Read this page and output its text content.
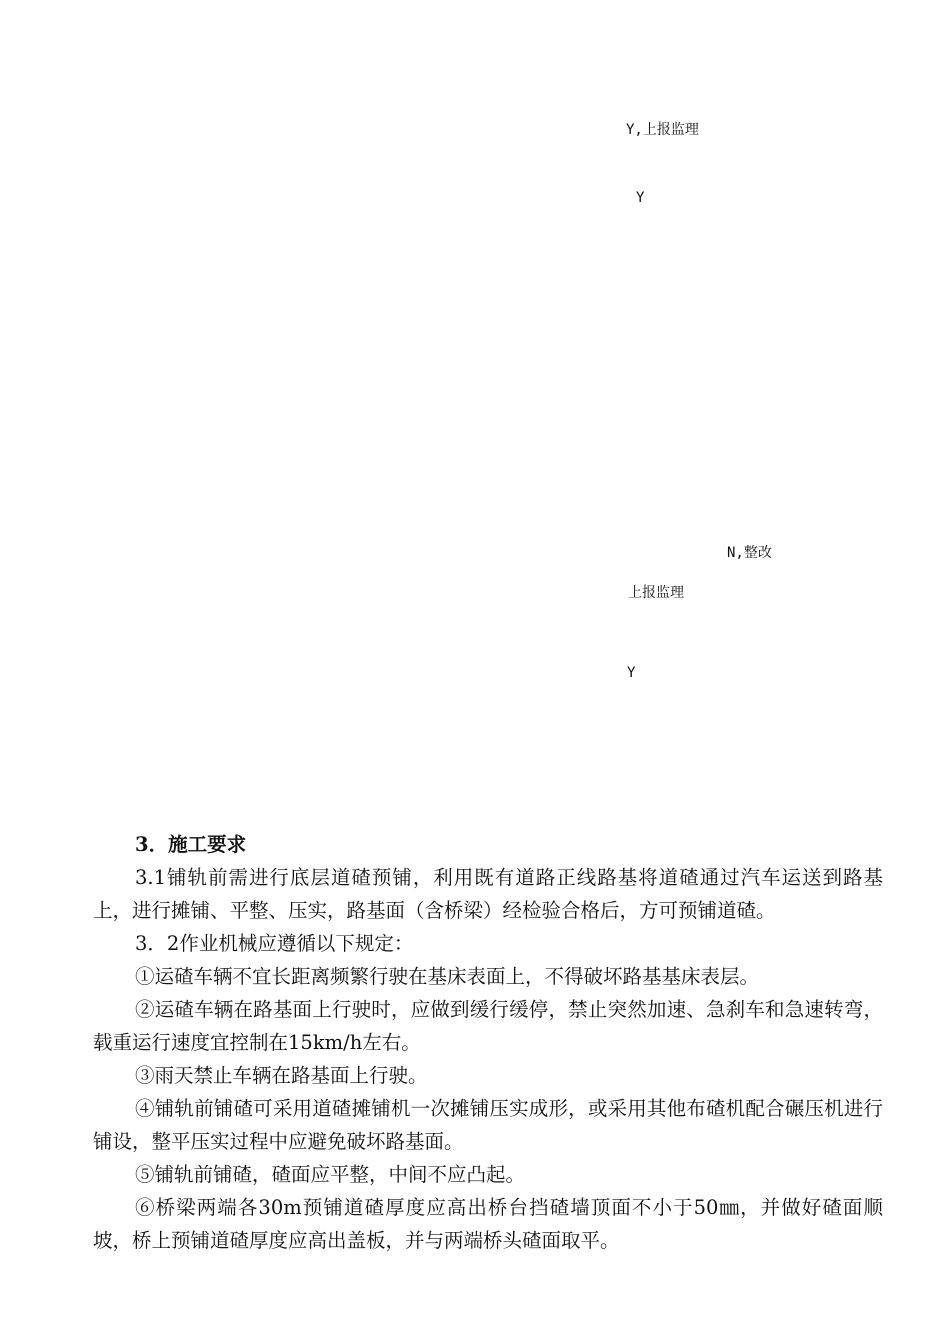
Y,上报监理
Y
N,整改
上报监理
Y
3．施工要求
3.1铺轨前需进行底层道碴预铺，利用既有道路正线路基将道碴通过汽车运送到路基上，进行摊铺、平整、压实，路基面（含桥梁）经检验合格后，方可预铺道碴。
3．2作业机械应遵循以下规定：
①运碴车辆不宜长距离频繁行驶在基床表面上，不得破坏路基基床表层。
②运碴车辆在路基面上行驶时，应做到缓行缓停，禁止突然加速、急刹车和急速转弯，载重运行速度宜控制在15km/h左右。
③雨天禁止车辆在路基面上行驶。
④铺轨前铺碴可采用道碴摊铺机一次摊铺压实成形，或采用其他布碴机配合碾压机进行铺设，整平压实过程中应避免破坏路基面。
⑤铺轨前铺碴，碴面应平整，中间不应凸起。
⑥桥梁两端各30m预铺道碴厚度应高出桥台挡碴墙顶面不小于50㎜，并做好碴面顺坡，桥上预铺道碴厚度应高出盖板，并与两端桥头碴面取平。
